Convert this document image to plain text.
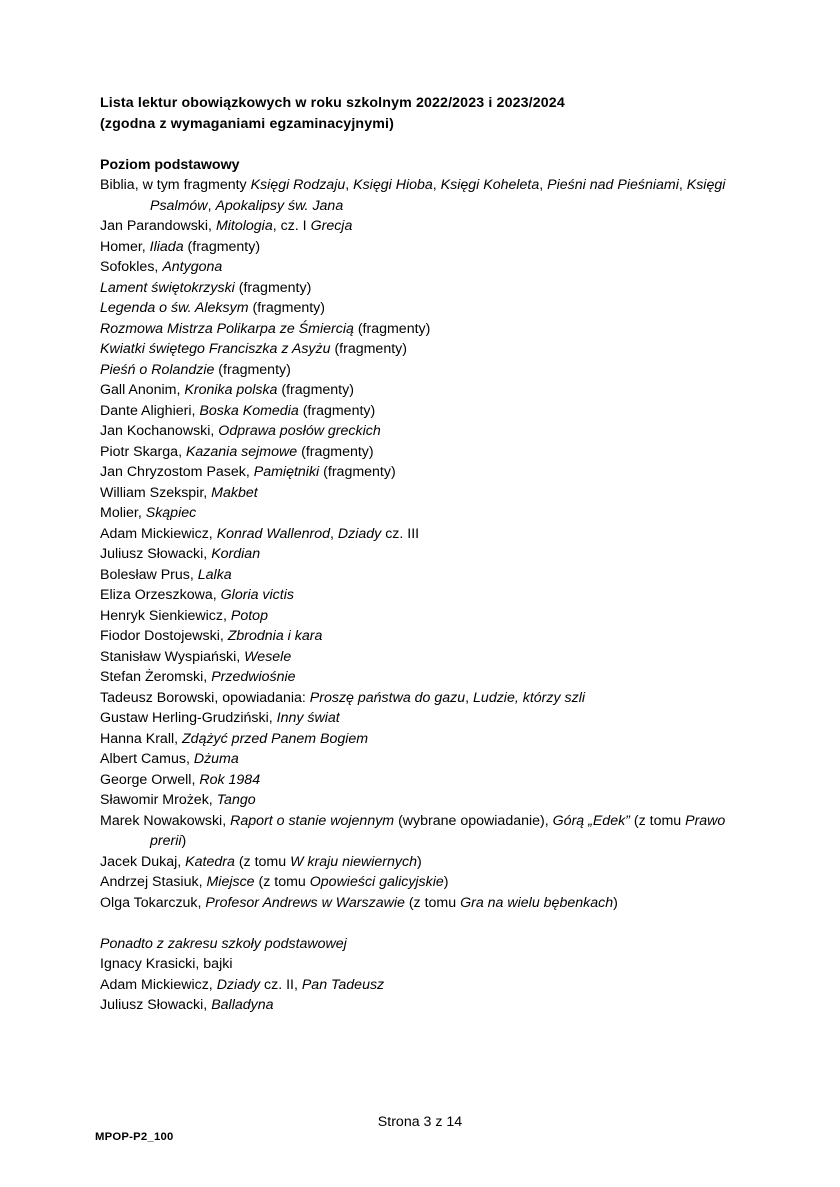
Lista lektur obowiązkowych w roku szkolnym 2022/2023 i 2023/2024
(zgodna z wymaganiami egzaminacyjnymi)
Poziom podstawowy
Biblia, w tym fragmenty Księgi Rodzaju, Księgi Hioba, Księgi Koheleta, Pieśni nad Pieśniami, Księgi Psalmów, Apokalipsy św. Jana
Jan Parandowski, Mitologia, cz. I Grecja
Homer, Iliada (fragmenty)
Sofokles, Antygona
Lament świętokrzyski (fragmenty)
Legenda o św. Aleksym (fragmenty)
Rozmowa Mistrza Polikarpa ze Śmiercią (fragmenty)
Kwiatki świętego Franciszka z Asyżu (fragmenty)
Pieśń o Rolandzie (fragmenty)
Gall Anonim, Kronika polska (fragmenty)
Dante Alighieri, Boska Komedia (fragmenty)
Jan Kochanowski, Odprawa posłów greckich
Piotr Skarga, Kazania sejmowe (fragmenty)
Jan Chryzostom Pasek, Pamiętniki (fragmenty)
William Szekspir, Makbet
Molier, Skąpiec
Adam Mickiewicz, Konrad Wallenrod, Dziady cz. III
Juliusz Słowacki, Kordian
Bolesław Prus, Lalka
Eliza Orzeszkowa, Gloria victis
Henryk Sienkiewicz, Potop
Fiodor Dostojewski, Zbrodnia i kara
Stanisław Wyspiański, Wesele
Stefan Żeromski, Przedwiośnie
Tadeusz Borowski, opowiadania: Proszę państwa do gazu, Ludzie, którzy szli
Gustaw Herling-Grudziński, Inny świat
Hanna Krall, Zdążyć przed Panem Bogiem
Albert Camus, Dżuma
George Orwell, Rok 1984
Sławomir Mrożek, Tango
Marek Nowakowski, Raport o stanie wojennym (wybrane opowiadanie), Górą „Edek” (z tomu Prawo prerii)
Jacek Dukaj, Katedra (z tomu W kraju niewiernych)
Andrzej Stasiuk, Miejsce (z tomu Opowieści galicyjskie)
Olga Tokarczuk, Profesor Andrews w Warszawie (z tomu Gra na wielu bębenkach)
Ponadto z zakresu szkoły podstawowej
Ignacy Krasicki, bajki
Adam Mickiewicz, Dziady cz. II, Pan Tadeusz
Juliusz Słowacki, Balladyna
Strona 3 z 14
MPOP-P2_100
